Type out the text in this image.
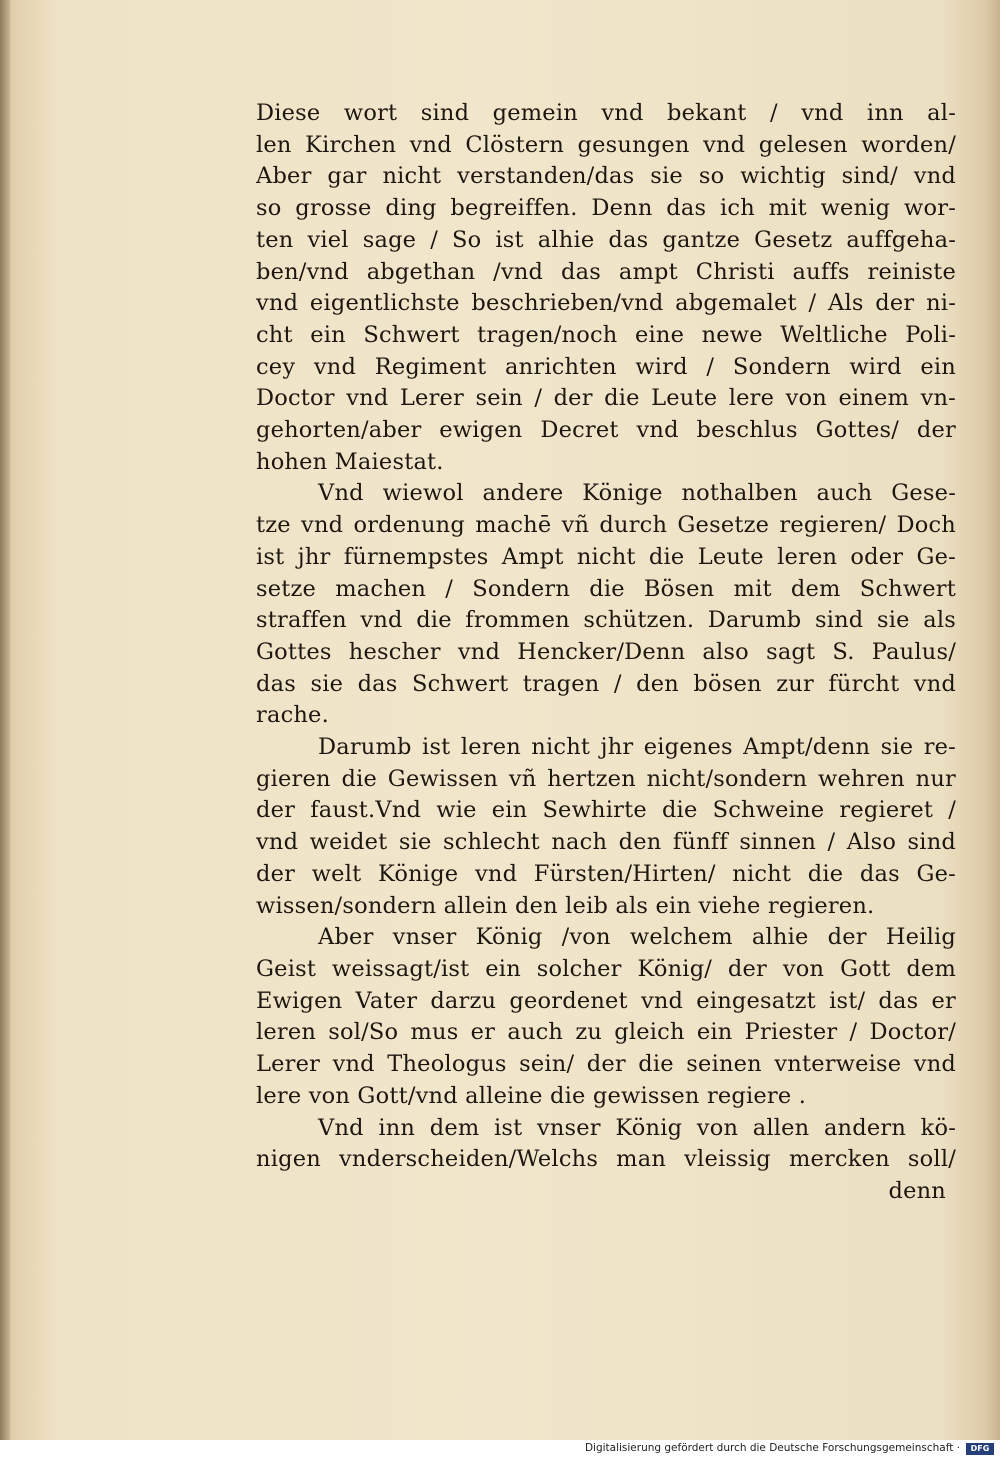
Diese wort sind gemein vnd bekant / vnd inn al-
len Kirchen vnd Clöstern gesungen vnd gelesen worden/
Aber gar nicht verstanden/das sie so wichtig sind/ vnd
so grosse ding begreiffen. Denn das ich mit wenig wor-
ten viel sage / So ist alhie das gantze Gesetz auffgeha-
ben/vnd abgethan /vnd das ampt Christi auffs reiniste
vnd eigentlichste beschrieben/vnd abgemalet / Als der ni-
cht ein Schwert tragen/noch eine newe Weltliche Poli-
cey vnd Regiment anrichten wird / Sondern wird ein
Doctor vnd Lerer sein / der die Leute lere von einem vn-
gehorten/aber ewigen Decret vnd beschlus Gottes/ der
hohen Maiestat.
Vnd wiewol andere Könige nothalben auch Gese-
tze vnd ordenung machē vñ durch Gesetze regieren/ Doch
ist jhr fürnempstes Ampt nicht die Leute leren oder Ge-
setze machen / Sondern die Bösen mit dem Schwert
straffen vnd die frommen schützen. Darumb sind sie als
Gottes hescher vnd Hencker/Denn also sagt S. Paulus/
das sie das Schwert tragen / den bösen zur fürcht vnd
rache.
Darumb ist leren nicht jhr eigenes Ampt/denn sie re-
gieren die Gewissen vñ hertzen nicht/sondern wehren nur
der faust.Vnd wie ein Sewhirte die Schweine regieret /
vnd weidet sie schlecht nach den fünff sinnen / Also sind
der welt Könige vnd Fürsten/Hirten/ nicht die das Ge-
wissen/sondern allein den leib als ein viehe regieren.
Aber vnser König /von welchem alhie der Heilig
Geist weissagt/ist ein solcher König/ der von Gott dem
Ewigen Vater darzu geordenet vnd eingesatzt ist/ das er
leren sol/So mus er auch zu gleich ein Priester / Doctor/
Lerer vnd Theologus sein/ der die seinen vnterweise vnd
lere von Gott/vnd alleine die gewissen regiere .
Vnd inn dem ist vnser König von allen andern kö-
nigen vnderscheiden/Welchs man vleissig mercken soll/
denn
Digitalisierung gefördert durch die Deutsche Forschungsgemeinschaft ·	DFG
